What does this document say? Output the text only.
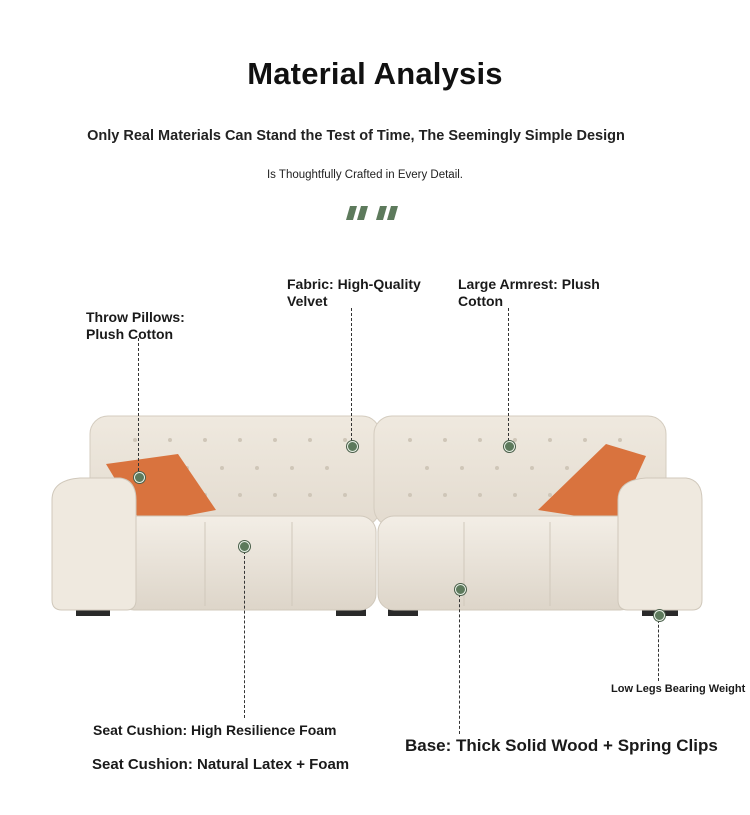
Material Analysis
Only Real Materials Can Stand the Test of Time, The Seemingly Simple Design
Is Thoughtfully Crafted in Every Detail.
Throw Pillows:
Plush Cotton
Fabric: High-Quality
Velvet
Large Armrest: Plush
Cotton
Low Legs Bearing Weight
Seat Cushion: High Resilience Foam
Seat Cushion: Natural Latex + Foam
Base: Thick Solid Wood + Spring Clips
